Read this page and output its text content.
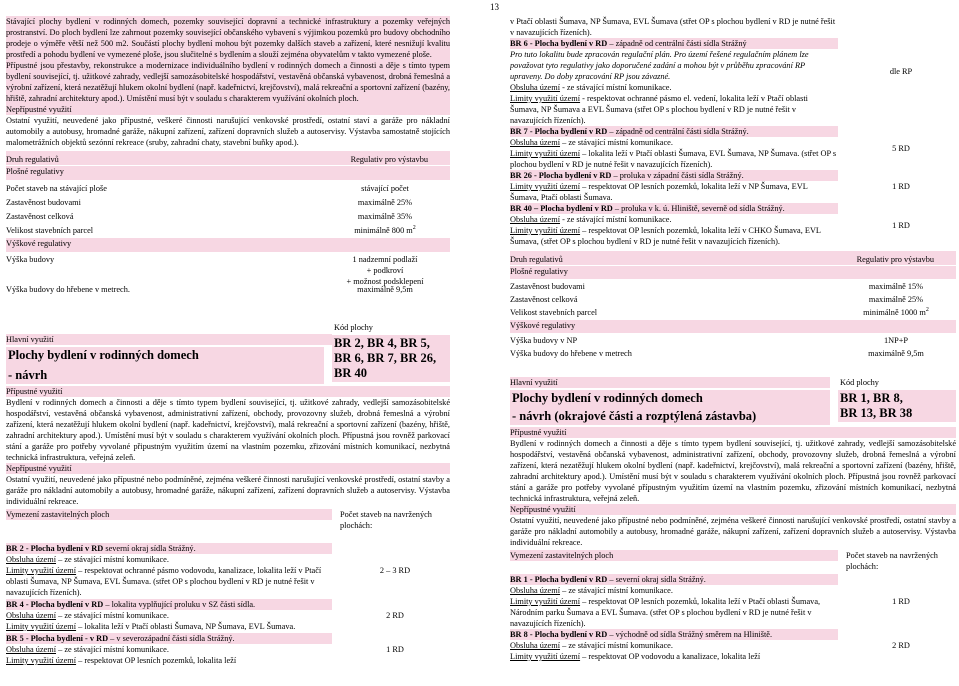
13
Stávající plochy bydlení v rodinných domech, pozemky související dopravní a technické infrastruktury a pozemky veřejných prostranství. Do ploch bydlení lze zahrnout pozemky související občanského vybavení s výjimkou pozemků pro budovy obchodního prodeje o výměře větší než 500 m2. Součástí plochy bydlení mohou být pozemky dalších staveb a zařízení, které nesnižují kvalitu prostředí a pohodu bydlení ve vymezené ploše, jsou slučitelné s bydlením a slouží zejména obyvatelům v takto vymezené ploše.
Přípustné jsou přestavby, rekonstrukce a modernizace individuálního bydlení v rodinných domech a činnosti a děje s tímto typem bydlení související, tj. užitkové zahrady, vedlejší samozásobitelské hospodářství, vestavěná občanská vybavenost, drobná řemeslná a výrobní zařízení, která nezatěžují hlukem okolní bydlení (např. kadeřnictví, krejčovství), malá rekreační a sportovní zařízení (bazény, hřiště, zahradní architektury apod.). Umístění musí být v souladu s charakterem využívání okolních ploch.
Nepřípustné využití
Ostatní využití, neuvedené jako přípustné, veškeré činnosti narušující venkovské prostředí, ostatní staví a garáže pro nákladní automobily a autobusy, hromadné garáže, nákupní zařízení, zařízení dopravních služeb a autoservisy. Výstavba samostatně stojících malometrážních objektů sezónní rekreace (sruby, zahradní chaty, stavební buňky apod.).
Druh regulativů	Regulativ pro výstavbu
Plošné regulativy
Počet staveb na stávající ploše	stávající počet
Zastavěnost budovami	maximálně 25%
Zastavěnost celková	maximálně 35%
Velikost stavebních parcel	minimálně 800 $m^2$
Výškové regulativy
Výška budovy	1 nadzemní podlaží
+ podkroví
+ možnost podsklepení
Výška budovy do hřebene v metrech.	maximálně 9,5m
Hlavní využití
Plochy bydlení v rodinných domech
- návrh
Kód plochy
BR 2, BR 4, BR 5,
BR 6, BR 7, BR 26,
BR 40
Přípustné využití
Bydlení v rodinných domech a činnosti a děje s tímto typem bydlení související, tj. užitkové zahrady, vedlejší samozásobitelské hospodářství, vestavěná občanská vybavenost, administrativní zařízení, obchody, provozovny služeb, drobná řemeslná a výrobní zařízení, která nezatěžují hlukem okolní bydlení (např. kadeřnictví, krejčovství), malá rekreační a sportovní zařízení (bazény, hřiště, zahradní architektury apod.). Umístění musí být v souladu s charakterem využívání okolních ploch. Přípustná jsou rovněž parkovací stání a garáže pro potřeby vyvolané připustným využitím území na vlastním pozemku, zřizování místních komunikací, nezbytná technická infrastruktura, veřejná zeleň.
Nepřípustné využití
Ostatní využití, neuvedené jako přípustné nebo podmíněné, zejména veškeré činnosti narušující venkovské prostředí, ostatní stavby a garáže pro nákladní automobily a autobusy, hromadné garáže, nákupní zařízení, zařízení dopravních služeb a autoservisy. Výstavba individuální rekreace.
Vymezení zastavitelných ploch	Počet staveb na navržených plochách:
BR 2 - Plocha bydlení v RD severní okraj sídla Strážný.
Obsluha území – ze stávající místní komunikace.
Limity využití území – respektovat ochranné pásmo vodovodu, kanalizace, lokalita leží v Ptačí oblasti Šumava, NP Šumava, EVL Šumava. (střet OP s plochou bydlení v RD je nutné řešit v navazujících řízeních).
2 – 3 RD
BR 4 - Plocha bydlení v RD – lokalita vyplňující proluku v SZ části sídla.
Obsluha území – ze stávající místní komunikace.
Limity využití území – lokalita leží v Ptačí oblasti Šumava, NP Šumava, EVL Šumava.
2 RD
BR 5 - Plocha bydlení - v RD – v severozápadní části sídla Strážný.
Obsluha území – ze stávající místní komunikace.
Limity využití území – respektovat OP lesních pozemků, lokalita leží
1 RD
v Ptačí oblasti Šumava, NP Šumava, EVL Šumava (střet OP s plochou bydlení v RD je nutné řešit v navazujících řízeních).
BR 6 - Plocha bydlení v RD – západně od centrální části sídla Strážný
Pro tuto lokalitu bude zpracován regulační plán. Pro území řešené regulačním plánem lze považovat tyto regulativy jako doporučené zadání a mohou být v průběhu zpracování RP upraveny. Do doby zpracování RP jsou závazné.
Obsluha území - ze stávající místní komunikace.
Limity využití území - respektovat ochranné pásmo el. vedení, lokalita leží v Ptačí oblasti Šumava, NP Šumava a EVL Šumava (střet OP s plochou bydlení v RD je nutné řešit v navazujících řízeních).
dle RP
BR 7 - Plocha bydlení v RD – západně od centrální části sídla Strážný.
Obsluha území – ze stávající místní komunikace.
Limity využití území – lokalita leží v Ptačí oblasti Šumava, EVL Šumava, NP Šumava. (střet OP s plochou bydlení v RD je nutné řešit v navazujících řízeních).
5 RD
BR 26 - Plocha bydlení v RD – proluka v západní části sídla Strážný.
Limity využití území – respektovat OP lesních pozemků, lokalita leží v NP Šumava, EVL Šumava, Ptačí oblasti Šumava.
1 RD
BR 40 – Plocha bydlení v RD – proluka v k. ú. Hliniště, severně od sídla Strážný.
Obsluha území - ze stávající místní komunikace.
Limity využití území – respektovat OP lesních pozemků, lokalita leží v CHKO Šumava, EVL Šumava, (střet OP s plochou bydlení v RD je nutné řešit v navazujících řízeních).
1 RD
Druh regulativů	Regulativ pro výstavbu
Plošné regulativy
Zastavěnost budovami	maximálně 15%
Zastavěnost celková	maximálně 25%
Velikost stavebních parcel	minimálně 1000 $m^2$
Výškové regulativy
Výška budovy v NP	1NP+P
Výška budovy do hřebene v metrech	maximálně 9,5m
Hlavní využití
Plochy bydlení v rodinných domech
- návrh (okrajové části a rozptýlená zástavba)
Kód plochy
BR 1, BR 8,
BR 13, BR 38
Přípustné využití
Bydlení v rodinných domech a činnosti a děje s tímto typem bydlení související, tj. užitkové zahrady, vedlejší samozásobitelské hospodářství, vestavěná občanská vybavenost, administrativní zařízení, obchody, provozovny služeb, drobná řemeslná a výrobní zařízení, která nezatěžují hlukem okolní bydlení (např. kadeřnictví, krejčovství), malá rekreační a sportovní zařízení (bazény, hřiště, zahradní architektury apod.). Umístění musí být v souladu s charakterem využívání okolních ploch. Přípustná jsou rovněž parkovací stání a garáže pro potřeby vyvolané přípustným využitím území na vlastním pozemku, zřizování místních komunikací, nezbytná technická infrastruktura, veřejná zeleň.
Nepřípustné využití
Ostatní využití, neuvedené jako přípustné nebo podmíněné, zejména veškeré činnosti narušující venkovské prostředí, ostatní stavby a garáže pro nákladní automobily a autobusy, hromadné garáže, nákupní zařízení, zařízení dopravních služeb a autoservisy. Výstavba individuální rekreace.
Vymezení zastavitelných ploch	Počet staveb na navržených plochách:
BR 1 - Plocha bydlení v RD – severní okraj sídla Strážný.
Obsluha území – ze stávající místní komunikace.
Limity využití území – respektovat OP lesních pozemků, lokalita leží v Ptačí oblasti Šumava, Národním parku Šumava a EVL Šumava. (střet OP s plochou bydlení v RD je nutné řešit v navazujících řízeních).
1 RD
BR 8 - Plocha bydlení v RD – východně od sídla Strážný směrem na Hliniště.
Obsluha území – ze stávající místní komunikace.
Limity využití území – respektovat OP vodovodu a kanalizace, lokalita leží
2 RD
